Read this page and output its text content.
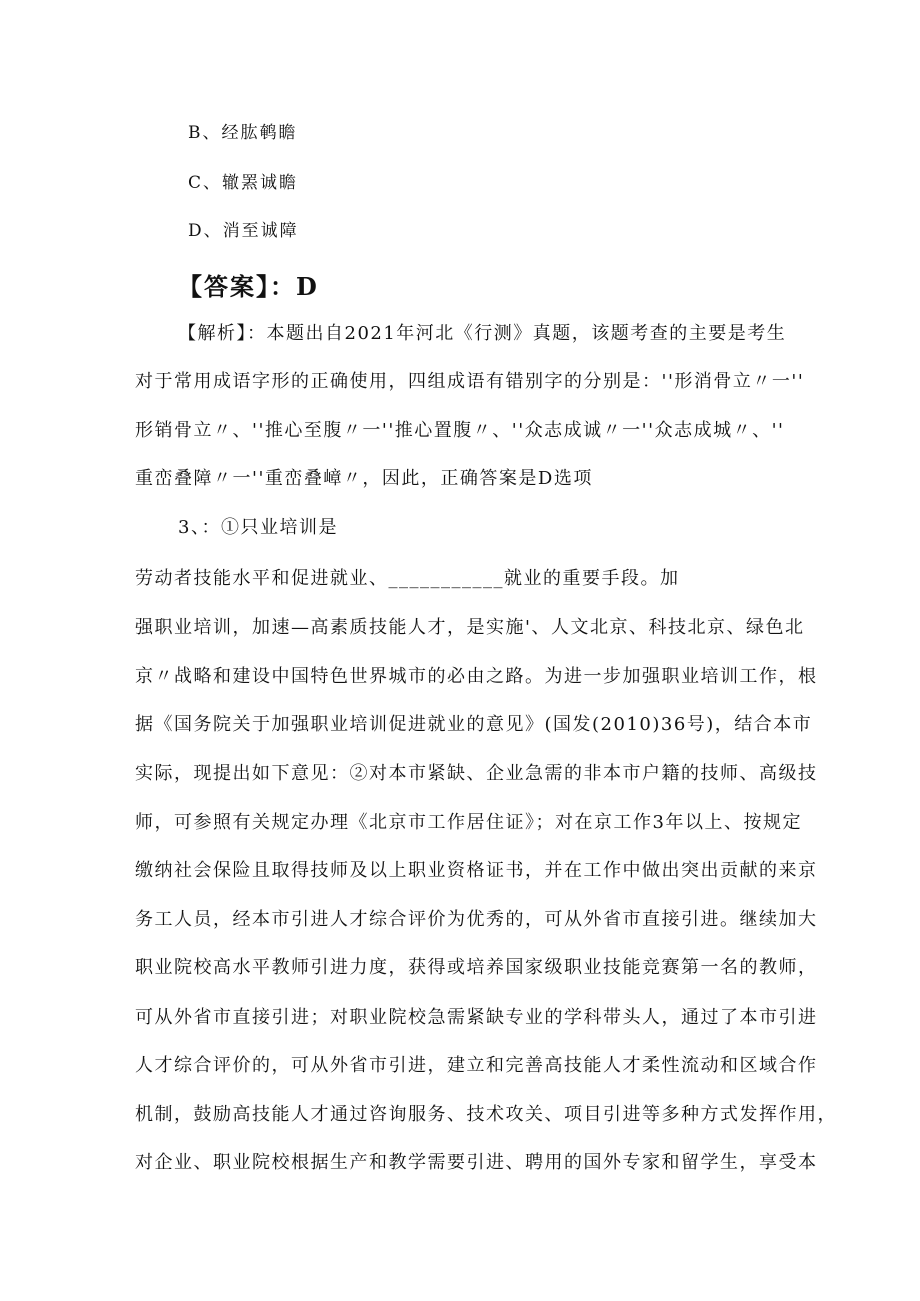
B、经肱鹌瞻
C、辙罴诚瞻
D、消至诚障
【答案】：D
【解析】：本题出自2021年河北《行测》真题，该题考查的主要是考生
对于常用成语字形的正确使用，四组成语有错别字的分别是：''形消骨立〃一''
形销骨立〃、''推心至腹〃一''推心置腹〃、''众志成诚〃一''众志成城〃、''
重峦叠障〃一''重峦叠嶂〃，因此，正确答案是D选项
3、：①只业培训是
劳动者技能水平和促进就业、___________就业的重要手段。加
强职业培训，加速—高素质技能人才，是实施'、人文北京、科技北京、绿色北
京〃战略和建设中国特色世界城市的必由之路。为进一步加强职业培训工作，根
据《国务院关于加强职业培训促进就业的意见》(国发(2010)36号)，结合本市
实际，现提出如下意见：②对本市紧缺、企业急需的非本市户籍的技师、高级技
师，可参照有关规定办理《北京市工作居住证》；对在京工作3年以上、按规定
缴纳社会保险且取得技师及以上职业资格证书，并在工作中做出突出贡献的来京
务工人员，经本市引进人才综合评价为优秀的，可从外省市直接引进。继续加大
职业院校高水平教师引进力度，获得或培养国家级职业技能竞赛第一名的教师，
可从外省市直接引进；对职业院校急需紧缺专业的学科带头人，通过了本市引进
人才综合评价的，可从外省市引进，建立和完善高技能人才柔性流动和区域合作
机制，鼓励高技能人才通过咨询服务、技术攻关、项目引进等多种方式发挥作用，
对企业、职业院校根据生产和教学需要引进、聘用的国外专家和留学生，享受本
